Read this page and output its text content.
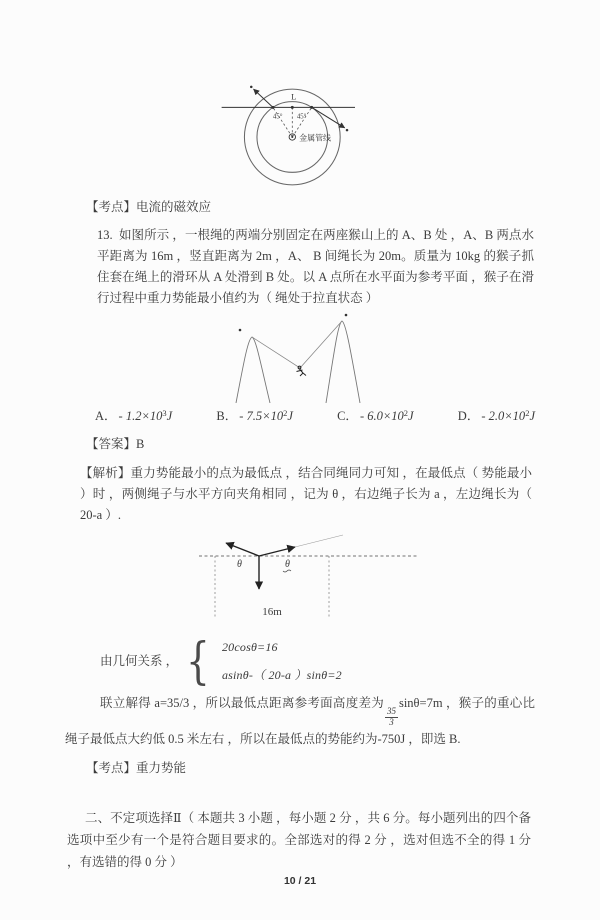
L
45° 45°
金属管线
【考点】电流的磁效应

13. 如图所示 ，一根绳的两端分别固定在两座猴山上的 A、B 处 ，A、B 两点水平距离为 16m ，竖直距离为 2m ，A、 B 间绳长为 20m。质量为 10kg 的猴子抓住套在绳上的滑环从 A 处滑到 B 处。以 A 点所在水平面为参考平面 ，猴子在滑行过程中重力势能最小值约为（ 绳处于拉直状态 ）

A． - $1.2\times 10^3J$	B． - $7.5\times 10^2J$	C． - $6.0\times 10^2J$	D． - $2.0\times 10^2J$
【答案】B

【解析】重力势能最小的点为最低点 ，结合同绳同力可知 ，在最低点（ 势能最小 ）时 ，两侧绳子与水平方向夹角相同 ，记为 θ ，右边绳子长为 a ，左边绳长为（ 20-a ）.

θ	θ
16m
由几何关系 ， { 20cosθ=16
asinθ-（ 20-a ）sinθ=2

联立解得 a=35/3 ，所以最低点距离参考面高度差为
$\frac{35}{3}$
sinθ=7m ，猴子的重心比绳子最低点大约低 0.5 米左右 ，所以在最低点的势能约为-750J ，即选 B.

【考点】重力势能

二、不定项选择Ⅱ（ 本题共 3 小题 ，每小题 2 分 ，共 6 分。每小题列出的四个备选项中至少有一个是符合题目要求的。全部选对的得 2 分 ，选对但选不全的得 1 分 ，有选错的得 0 分 ）

10 / 21
